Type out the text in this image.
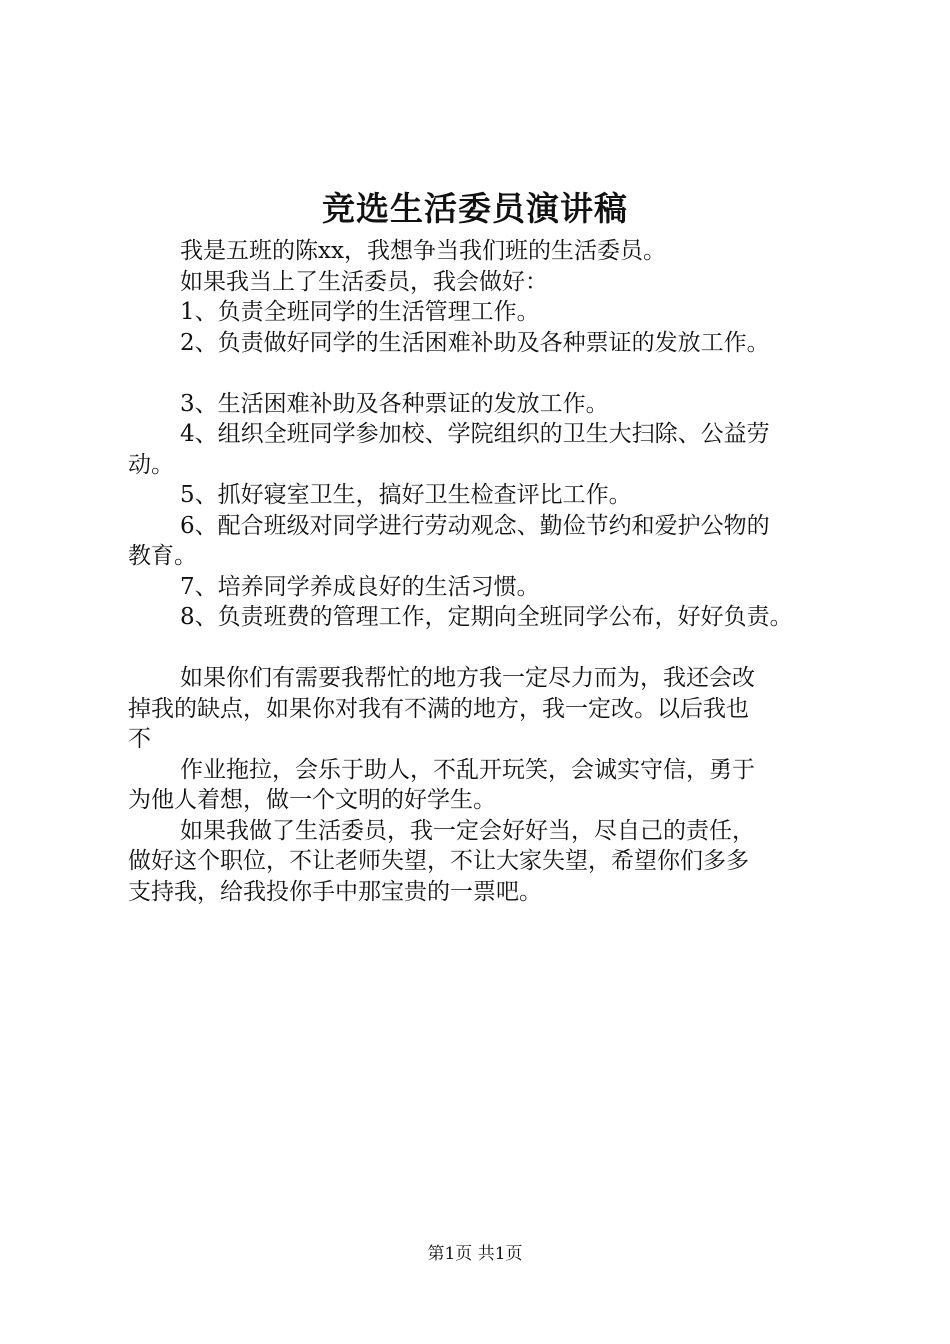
竞选生活委员演讲稿

我是五班的陈xx，我想争当我们班的生活委员。

如果我当上了生活委员，我会做好：

1、负责全班同学的生活管理工作。

2、负责做好同学的生活困难补助及各种票证的发放工作。

3、生活困难补助及各种票证的发放工作。

4、组织全班同学参加校、学院组织的卫生大扫除、公益劳

动。

5、抓好寝室卫生，搞好卫生检查评比工作。

6、配合班级对同学进行劳动观念、勤俭节约和爱护公物的

教育。

7、培养同学养成良好的生活习惯。

8、负责班费的管理工作，定期向全班同学公布，好好负责。

如果你们有需要我帮忙的地方我一定尽力而为，我还会改

掉我的缺点，如果你对我有不满的地方，我一定改。以后我也

不

作业拖拉，会乐于助人，不乱开玩笑，会诚实守信，勇于

为他人着想，做一个文明的好学生。

如果我做了生活委员，我一定会好好当，尽自己的责任，

做好这个职位，不让老师失望，不让大家失望，希望你们多多

支持我，给我投你手中那宝贵的一票吧。

第1页 共1页
